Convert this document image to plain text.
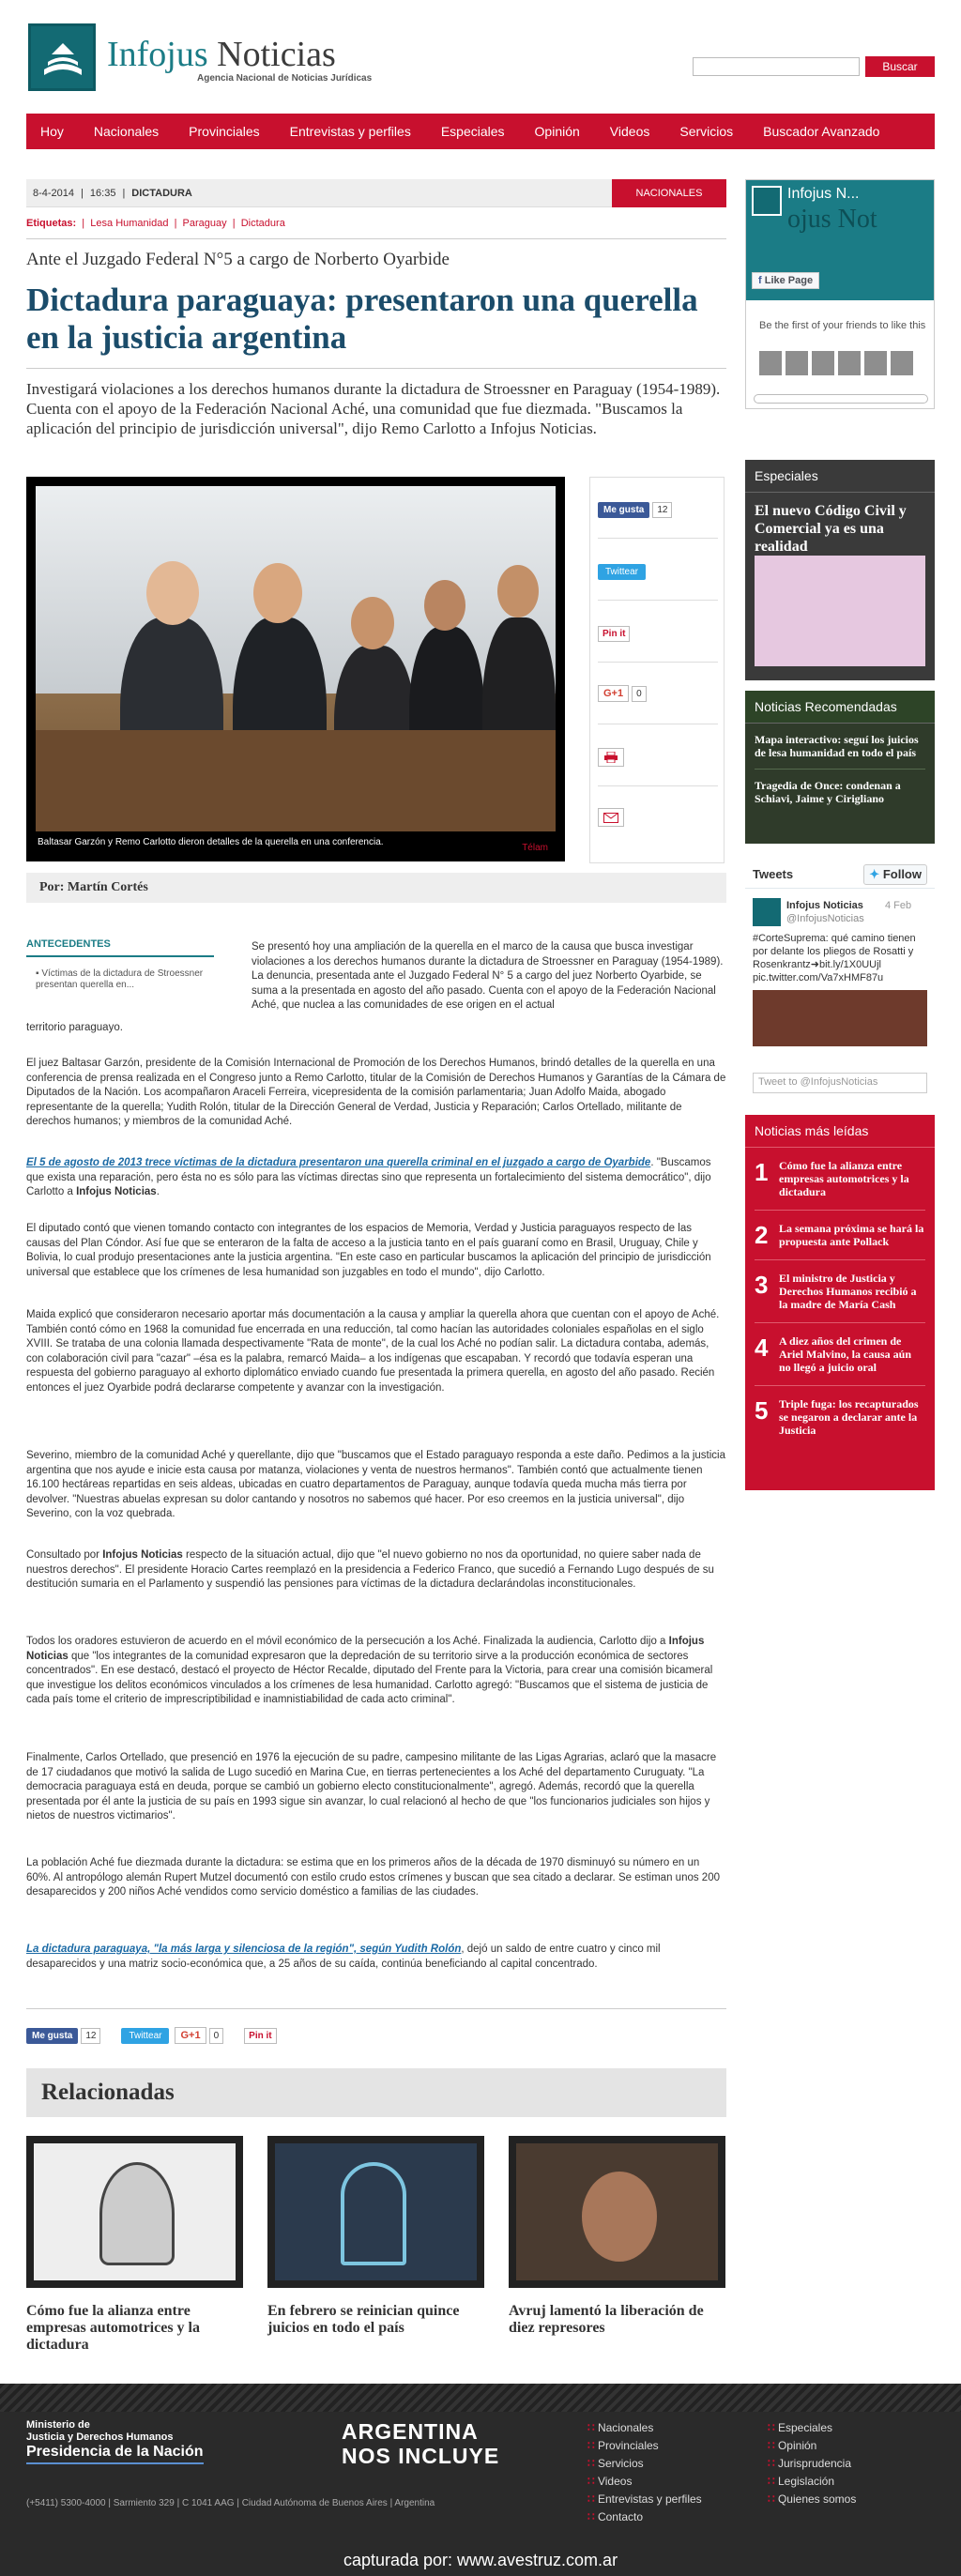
Infojus Noticias
Agencia Nacional de Noticias Jurídicas
Buscar
Hoy Nacionales Provinciales Entrevistas y perfiles Especiales Opinión Videos Servicios Buscador Avanzado
8-4-2014 | 16:35 | DICTADURA	NACIONALES
Etiquetas:  |  Lesa Humanidad  |  Paraguay  |  Dictadura
Ante el Juzgado Federal N°5 a cargo de Norberto Oyarbide
Dictadura paraguaya: presentaron una querella en la justicia argentina

Investigará violaciones a los derechos humanos durante la dictadura de Stroessner en Paraguay (1954-1989). Cuenta con el apoyo de la Federación Nacional Aché, una comunidad que fue diezmada. "Buscamos la aplicación del principio de jurisdicción universal", dijo Remo Carlotto a Infojus Noticias.

Baltasar Garzón y Remo Carlotto dieron detalles de la querella en una conferencia.
Télam
Me gusta	12
Twittear
Pin it
G+1	0
Por: Martín Cortés
ANTECEDENTES
▪ Víctimas de la dictadura de Stroessner presentan querella en...

Se presentó hoy una ampliación de la querella en el marco de la causa que busca investigar violaciones a los derechos humanos durante la dictadura de Stroessner en Paraguay (1954-1989). La denuncia, presentada ante el Juzgado Federal N° 5 a cargo del juez Norberto Oyarbide, se suma a la presentada en agosto del año pasado. Cuenta con el apoyo de la Federación Nacional Aché, que nuclea a las comunidades de ese origen en el actual

territorio paraguayo.

El juez Baltasar Garzón, presidente de la Comisión Internacional de Promoción de los Derechos Humanos, brindó detalles de la querella en una conferencia de prensa realizada en el Congreso junto a Remo Carlotto, titular de la Comisión de Derechos Humanos y Garantías de la Cámara de Diputados de la Nación. Los acompañaron Araceli Ferreira, vicepresidenta de la comisión parlamentaria; Juan Adolfo Maida, abogado representante de la querella; Yudith Rolón, titular de la Dirección General de Verdad, Justicia y Reparación; Carlos Ortellado, militante de derechos humanos; y miembros de la comunidad Aché.

El 5 de agosto de 2013 trece víctimas de la dictadura presentaron una querella criminal en el juzgado a cargo de Oyarbide. "Buscamos que exista una reparación, pero ésta no es sólo para las víctimas directas sino que representa un fortalecimiento del sistema democrático", dijo Carlotto a Infojus Noticias.

El diputado contó que vienen tomando contacto con integrantes de los espacios de Memoria, Verdad y Justicia paraguayos respecto de las causas del Plan Cóndor. Así fue que se enteraron de la falta de acceso a la justicia tanto en el país guaraní como en Brasil, Uruguay, Chile y Bolivia, lo cual produjo presentaciones ante la justicia argentina. "En este caso en particular buscamos la aplicación del principio de jurisdicción universal que establece que los crímenes de lesa humanidad son juzgables en todo el mundo", dijo Carlotto.

Maida explicó que consideraron necesario aportar más documentación a la causa y ampliar la querella ahora que cuentan con el apoyo de Aché. También contó cómo en 1968 la comunidad fue encerrada en una reducción, tal como hacían las autoridades coloniales españolas en el siglo XVIII. Se trataba de una colonia llamada despectivamente "Rata de monte", de la cual los Aché no podían salir. La dictadura contaba, además, con colaboración civil para "cazar" –ésa es la palabra, remarcó Maida– a los indígenas que escapaban. Y recordó que todavía esperan una respuesta del gobierno paraguayo al exhorto diplomático enviado cuando fue presentada la primera querella, en agosto del año pasado. Recién entonces el juez Oyarbide podrá declararse competente y avanzar con la investigación.

Severino, miembro de la comunidad Aché y querellante, dijo que "buscamos que el Estado paraguayo responda a este daño. Pedimos a la justicia argentina que nos ayude e inicie esta causa por matanza, violaciones y venta de nuestros hermanos". También contó que actualmente tienen 16.100 hectáreas repartidas en seis aldeas, ubicadas en cuatro departamentos de Paraguay, aunque todavía queda mucha más tierra por devolver. "Nuestras abuelas expresan su dolor cantando y nosotros no sabemos qué hacer. Por eso creemos en la justicia universal", dijo Severino, con la voz quebrada.

Consultado por Infojus Noticias respecto de la situación actual, dijo que "el nuevo gobierno no nos da oportunidad, no quiere saber nada de nuestros derechos". El presidente Horacio Cartes reemplazó en la presidencia a Federico Franco, que sucedió a Fernando Lugo después de su destitución sumaria en el Parlamento y suspendió las pensiones para víctimas de la dictadura declarándolas inconstitucionales.

Todos los oradores estuvieron de acuerdo en el móvil económico de la persecución a los Aché. Finalizada la audiencia, Carlotto dijo a Infojus Noticias que "los integrantes de la comunidad expresaron que la depredación de su territorio sirve a la producción económica de sectores concentrados". En ese destacó, destacó el proyecto de Héctor Recalde, diputado del Frente para la Victoria, para crear una comisión bicameral que investigue los delitos económicos vinculados a los crímenes de lesa humanidad. Carlotto agregó: "Buscamos que el sistema de justicia de cada país tome el criterio de imprescriptibilidad e inamnistiabilidad de cada acto criminal".

Finalmente, Carlos Ortellado, que presenció en 1976 la ejecución de su padre, campesino militante de las Ligas Agrarias, aclaró que la masacre de 17 ciudadanos que motivó la salida de Lugo sucedió en Marina Cue, en tierras pertenecientes a los Aché del departamento Curuguaty. "La democracia paraguaya está en deuda, porque se cambió un gobierno electo constitucionalmente", agregó. Además, recordó que la querella presentada por él ante la justicia de su país en 1993 sigue sin avanzar, lo cual relacionó al hecho de que "los funcionarios judiciales son hijos y nietos de nuestros victimarios".

La población Aché fue diezmada durante la dictadura: se estima que en los primeros años de la década de 1970 disminuyó su número en un 60%. Al antropólogo alemán Rupert Mutzel documentó con estilo crudo estos crímenes y buscan que sea citado a declarar. Se estiman unos 200 desaparecidos y 200 niños Aché vendidos como servicio doméstico a familias de las ciudades.

La dictadura paraguaya, "la más larga y silenciosa de la región", según Yudith Rolón, dejó un saldo de entre cuatro y cinco mil desaparecidos y una matriz socio-económica que, a 25 años de su caída, continúa beneficiando al capital concentrado.

Me gusta	12	Twittear	G+1	0	Pin it
Relacionadas
Cómo fue la alianza entre empresas automotrices y la dictadura
En febrero se reinician quince juicios en todo el país
Avruj lamentó la liberación de diez represores
Infojus N...
ojus Not
f Like Page
Be the first of your friends to like this
Especiales
El nuevo Código Civil y Comercial ya es una realidad
Noticias Recomendadas
Mapa interactivo: seguí los juicios de lesa humanidad en todo el país
Tragedia de Once: condenan a Schiavi, Jaime y Cirigliano
Tweets	✦ Follow
Infojus Noticias 4 Feb
@InfojusNoticias
#CorteSuprema: qué camino tienen por delante los pliegos de Rosatti y Rosenkrantz➜bit.ly/1X0UUjl pic.twitter.com/Va7xHMF87u
Tweet to @InfojusNoticias
Noticias más leídas
1 Cómo fue la alianza entre empresas automotrices y la dictadura
2 La semana próxima se hará la propuesta ante Pollack
3 El ministro de Justicia y Derechos Humanos recibió a la madre de María Cash
4 A diez años del crimen de Ariel Malvino, la causa aún no llegó a juicio oral
5 Triple fuga: los recapturados se negaron a declarar ante la Justicia
Ministerio de
Justicia y Derechos Humanos
Presidencia de la Nación
(+5411) 5300-4000 | Sarmiento 329 | C 1041 AAG | Ciudad Autónoma de Buenos Aires | Argentina
ARGENTINA
NOS INCLUYE
∷ Nacionales
∷ Provinciales
∷ Servicios
∷ Videos
∷ Entrevistas y perfiles
∷ Contacto
∷ Especiales
∷ Opinión
∷ Jurisprudencia
∷ Legislación
∷ Quienes somos
capturada por: www.avestruz.com.ar
